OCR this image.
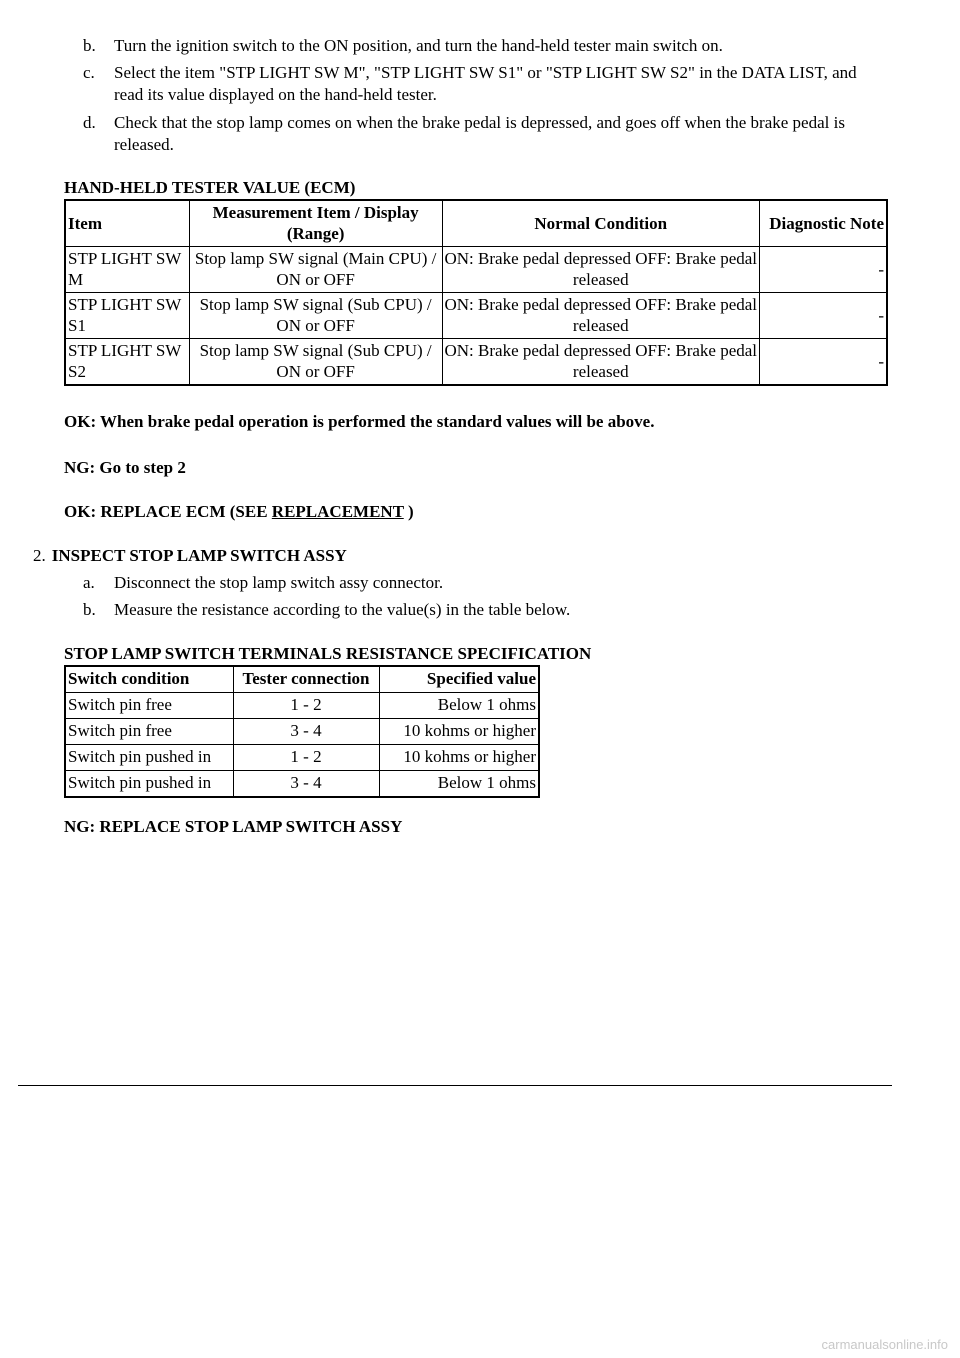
b. Turn the ignition switch to the ON position, and turn the hand-held tester main switch on.
c. Select the item "STP LIGHT SW M", "STP LIGHT SW S1" or "STP LIGHT SW S2" in the DATA LIST, and read its value displayed on the hand-held tester.
d. Check that the stop lamp comes on when the brake pedal is depressed, and goes off when the brake pedal is released.
HAND-HELD TESTER VALUE (ECM)
Item	Measurement Item / Display (Range)	Normal Condition	Diagnostic Note
STP LIGHT SW M	Stop lamp SW signal (Main CPU) / ON or OFF	ON: Brake pedal depressed OFF: Brake pedal released	-
STP LIGHT SW S1	Stop lamp SW signal (Sub CPU) / ON or OFF	ON: Brake pedal depressed OFF: Brake pedal released	-
STP LIGHT SW S2	Stop lamp SW signal (Sub CPU) / ON or OFF	ON: Brake pedal depressed OFF: Brake pedal released	-
OK: When brake pedal operation is performed the standard values will be above.
NG: Go to step 2
OK: REPLACE ECM (SEE REPLACEMENT )
2. INSPECT STOP LAMP SWITCH ASSY
a. Disconnect the stop lamp switch assy connector.
b. Measure the resistance according to the value(s) in the table below.
STOP LAMP SWITCH TERMINALS RESISTANCE SPECIFICATION
Switch condition	Tester connection	Specified value
Switch pin free	1 - 2	Below 1 ohms
Switch pin free	3 - 4	10 kohms or higher
Switch pin pushed in	1 - 2	10 kohms or higher
Switch pin pushed in	3 - 4	Below 1 ohms
NG: REPLACE STOP LAMP SWITCH ASSY
carmanualsonline.info
